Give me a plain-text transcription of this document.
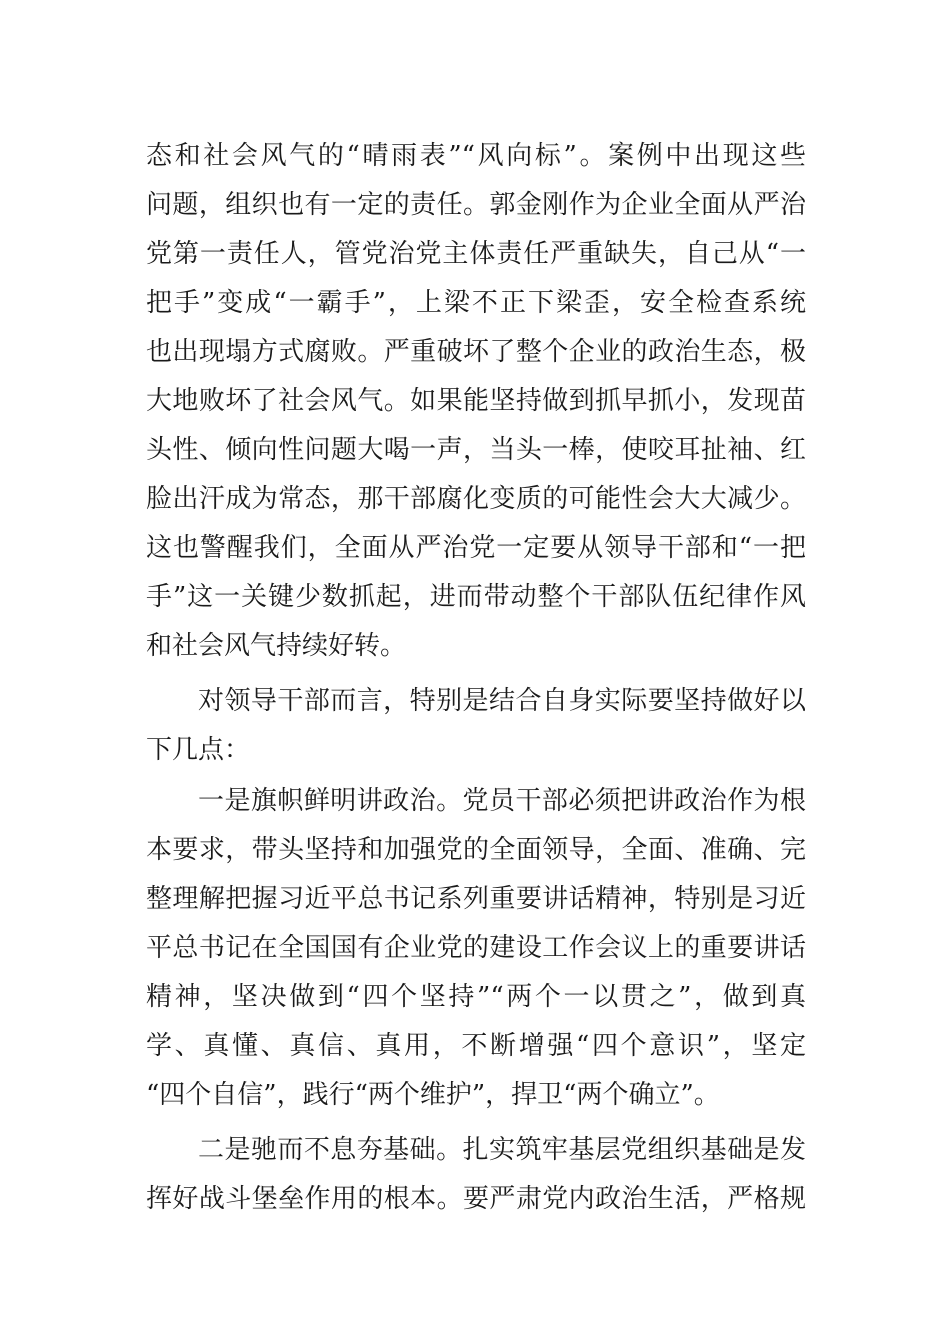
态和社会风气的“晴雨表”“风向标”。案例中出现这些
问题，组织也有一定的责任。郭金刚作为企业全面从严治
党第一责任人，管党治党主体责任严重缺失，自己从“一
把手”变成“一霸手”，上梁不正下梁歪，安全检查系统
也出现塌方式腐败。严重破坏了整个企业的政治生态，极
大地败坏了社会风气。如果能坚持做到抓早抓小，发现苗
头性、倾向性问题大喝一声，当头一棒，使咬耳扯袖、红
脸出汗成为常态，那干部腐化变质的可能性会大大减少。
这也警醒我们，全面从严治党一定要从领导干部和“一把
手”这一关键少数抓起，进而带动整个干部队伍纪律作风
和社会风气持续好转。
对领导干部而言，特别是结合自身实际要坚持做好以
下几点：
一是旗帜鲜明讲政治。党员干部必须把讲政治作为根
本要求，带头坚持和加强党的全面领导，全面、准确、完
整理解把握习近平总书记系列重要讲话精神，特别是习近
平总书记在全国国有企业党的建设工作会议上的重要讲话
精神，坚决做到“四个坚持”“两个一以贯之”，做到真
学、真懂、真信、真用，不断增强“四个意识”，坚定
“四个自信”，践行“两个维护”，捍卫“两个确立”。
二是驰而不息夯基础。扎实筑牢基层党组织基础是发
挥好战斗堡垒作用的根本。要严肃党内政治生活，严格规
